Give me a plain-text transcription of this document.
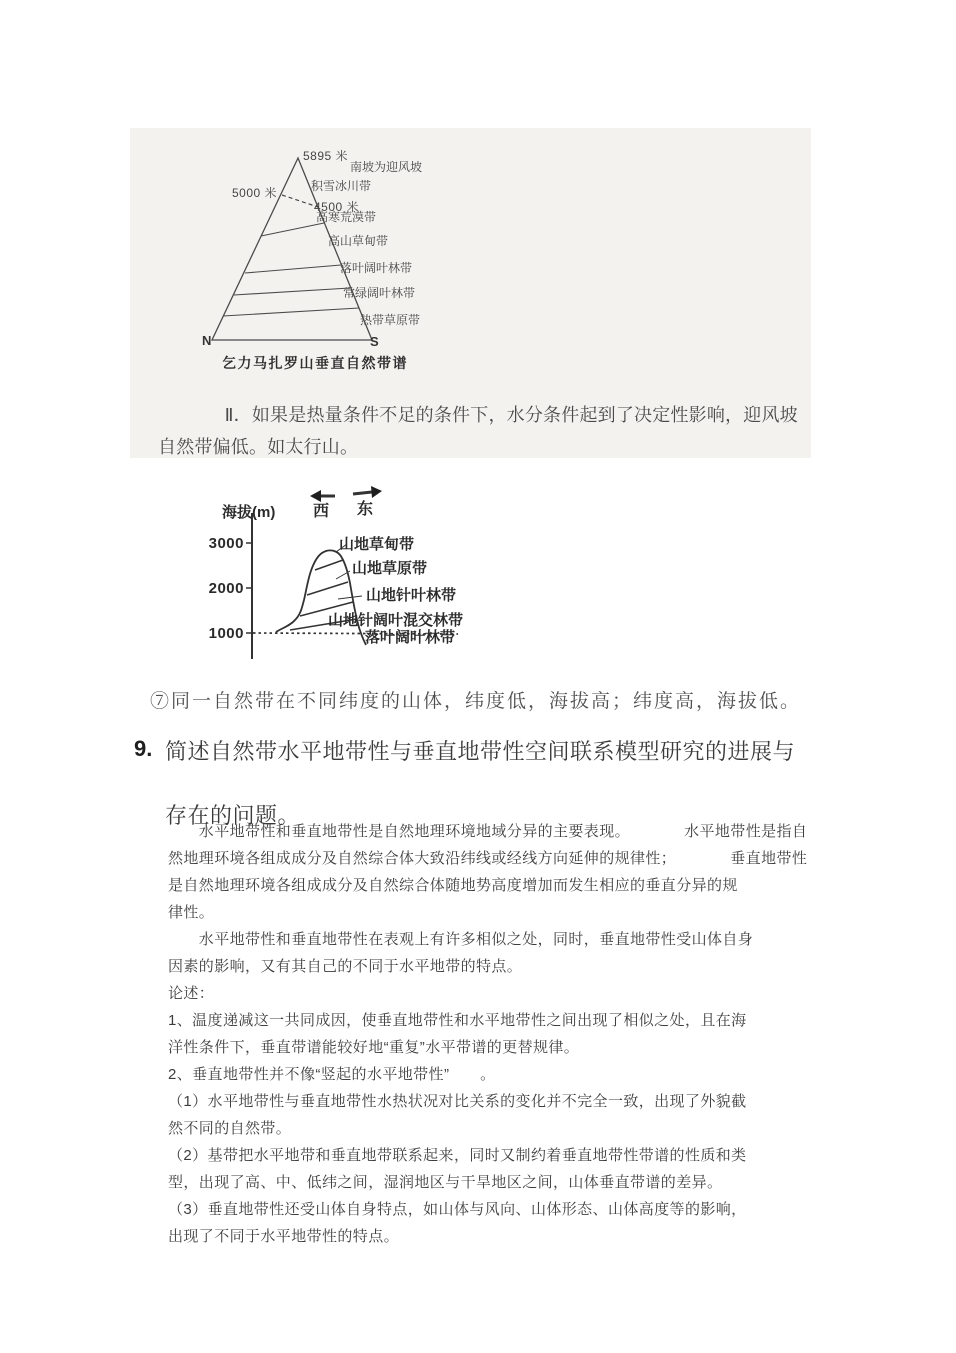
5895 米
南坡为迎风坡
5000 米
4500 米
积雪冰川带
高寒荒漠带
高山草甸带
落叶阔叶林带
常绿阔叶林带
热带草原带
N	S
乞力马扎罗山垂直自然带谱
Ⅱ．如果是热量条件不足的条件下，水分条件起到了决定性影响，迎风坡自然带偏低。如太行山。
3000
2000
1000
海拔(m) 西 东
山地草甸带
山地草原带
山地针叶林带
山地针阔叶混交林带
落叶阔叶林带
⑦同一自然带在不同纬度的山体，纬度低，海拔高；纬度高，海拔低。
9. 简述自然带水平地带性与垂直地带性空间联系模型研究的进展与
存在的问题。
　　水平地带性和垂直地带性是自然地理环境地域分异的主要表现。　　　　水平地带性是指自
然地理环境各组成成分及自然综合体大致沿纬线或经线方向延伸的规律性；　　　　垂直地带性
是自然地理环境各组成成分及自然综合体随地势高度增加而发生相应的垂直分异的规
律性。
　　水平地带性和垂直地带性在表观上有许多相似之处，同时，垂直地带性受山体自身
因素的影响，又有其自己的不同于水平地带的特点。
论述：
1、温度递减这一共同成因，使垂直地带性和水平地带性之间出现了相似之处，且在海
洋性条件下，垂直带谱能较好地“重复”水平带谱的更替规律。
2、垂直地带性并不像“竖起的水平地带性”　　。
（1）水平地带性与垂直地带性水热状况对比关系的变化并不完全一致，出现了外貌截
然不同的自然带。
（2）基带把水平地带和垂直地带联系起来，同时又制约着垂直地带性带谱的性质和类
型，出现了高、中、低纬之间，湿润地区与干旱地区之间，山体垂直带谱的差异。
（3）垂直地带性还受山体自身特点，如山体与风向、山体形态、山体高度等的影响，
出现了不同于水平地带性的特点。
